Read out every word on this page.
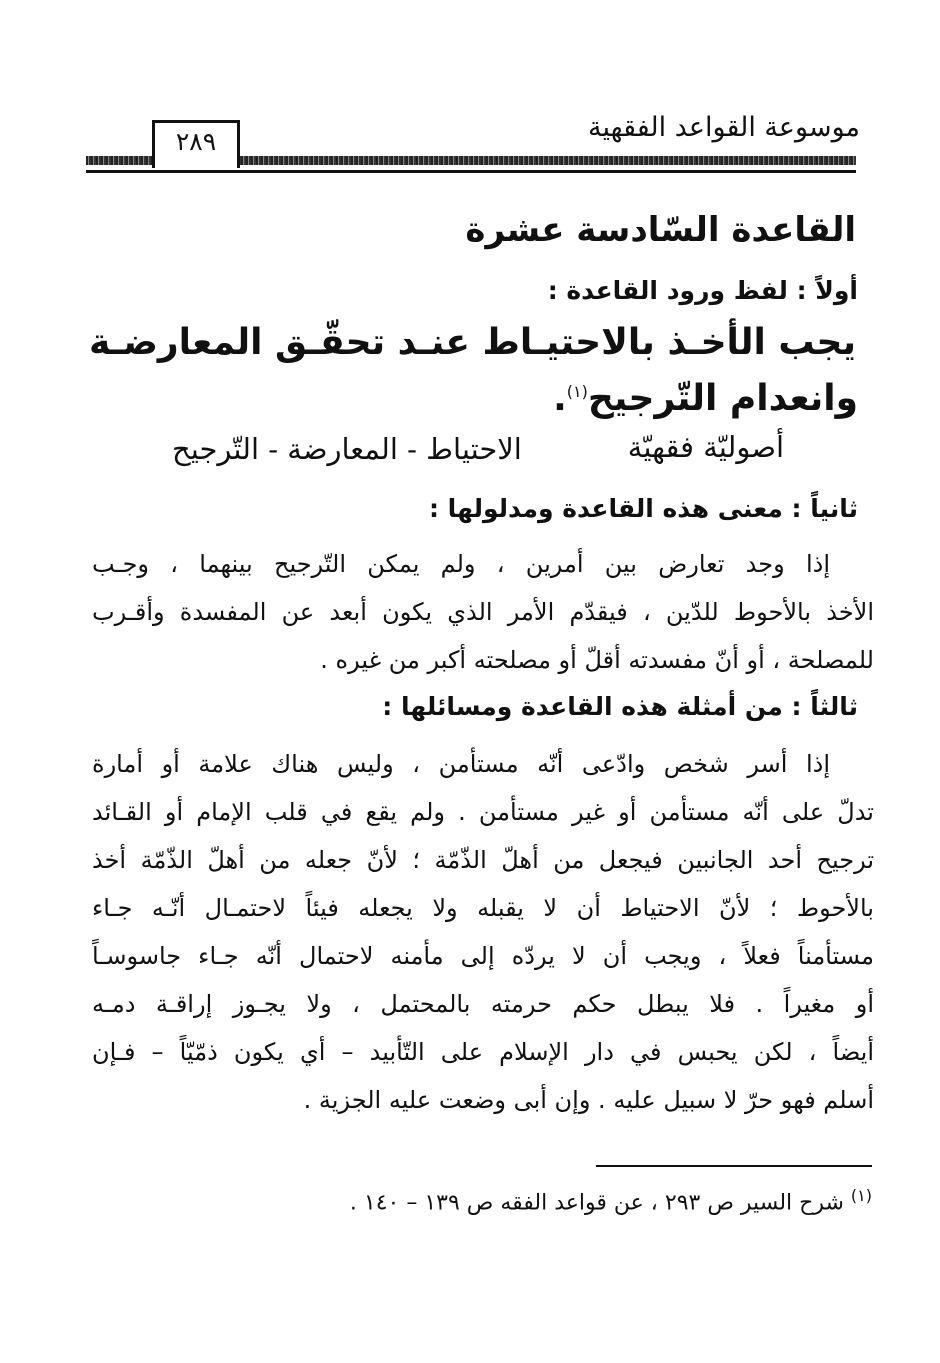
موسوعة القواعد الفقهية
٢٨٩
القاعدة السّادسة عشرة
أولاً : لفظ ورود القاعدة :
يجب الأخـذ بالاحتيـاط عنـد تحقّـق المعارضـة
وانعدام التّرجيح$^{(١)}$.
أصوليّة فقهيّة
الاحتياط - المعارضة - التّرجيح
ثانياً : معنى هذه القاعدة ومدلولها :
إذا وجد تعارض بين أمرين ، ولم يمكن التّرجيح بينهما ، وجـب
الأخذ بالأحوط للدّين ، فيقدّم الأمر الذي يكون أبعد عن المفسدة وأقـرب
للمصلحة ، أو أنّ مفسدته أقلّ أو مصلحته أكبر من غيره .
ثالثاً : من أمثلة هذه القاعدة ومسائلها :
إذا أسر شخص وادّعى أنّه مستأمن ، وليس هناك علامة أو أمارة
تدلّ على أنّه مستأمن أو غير مستأمن . ولم يقع في قلب الإمام أو القـائد
ترجيح أحد الجانبين فيجعل من أهلّ الذّمّة ؛ لأنّ جعله من أهلّ الذّمّة أخذ
بالأحوط ؛ لأنّ الاحتياط أن لا يقبله ولا يجعله فيئاً لاحتمـال أنّـه جـاء
مستأمناً فعلاً ، ويجب أن لا يردّه إلى مأمنه لاحتمال أنّه جـاء جاسوسـاً
أو مغيراً . فلا يبطل حكم حرمته بالمحتمل ، ولا يجـوز إراقـة دمـه
أيضاً ، لكن يحبس في دار الإسلام على التّأبيد – أي يكون ذمّيّاً – فـإن
أسلم فهو حرّ لا سبيل عليه . وإن أبى وضعت عليه الجزية .
$^{(١)}$ شرح السير ص ٢٩٣ ، عن قواعد الفقه ص ١٣٩ – ١٤٠ .
